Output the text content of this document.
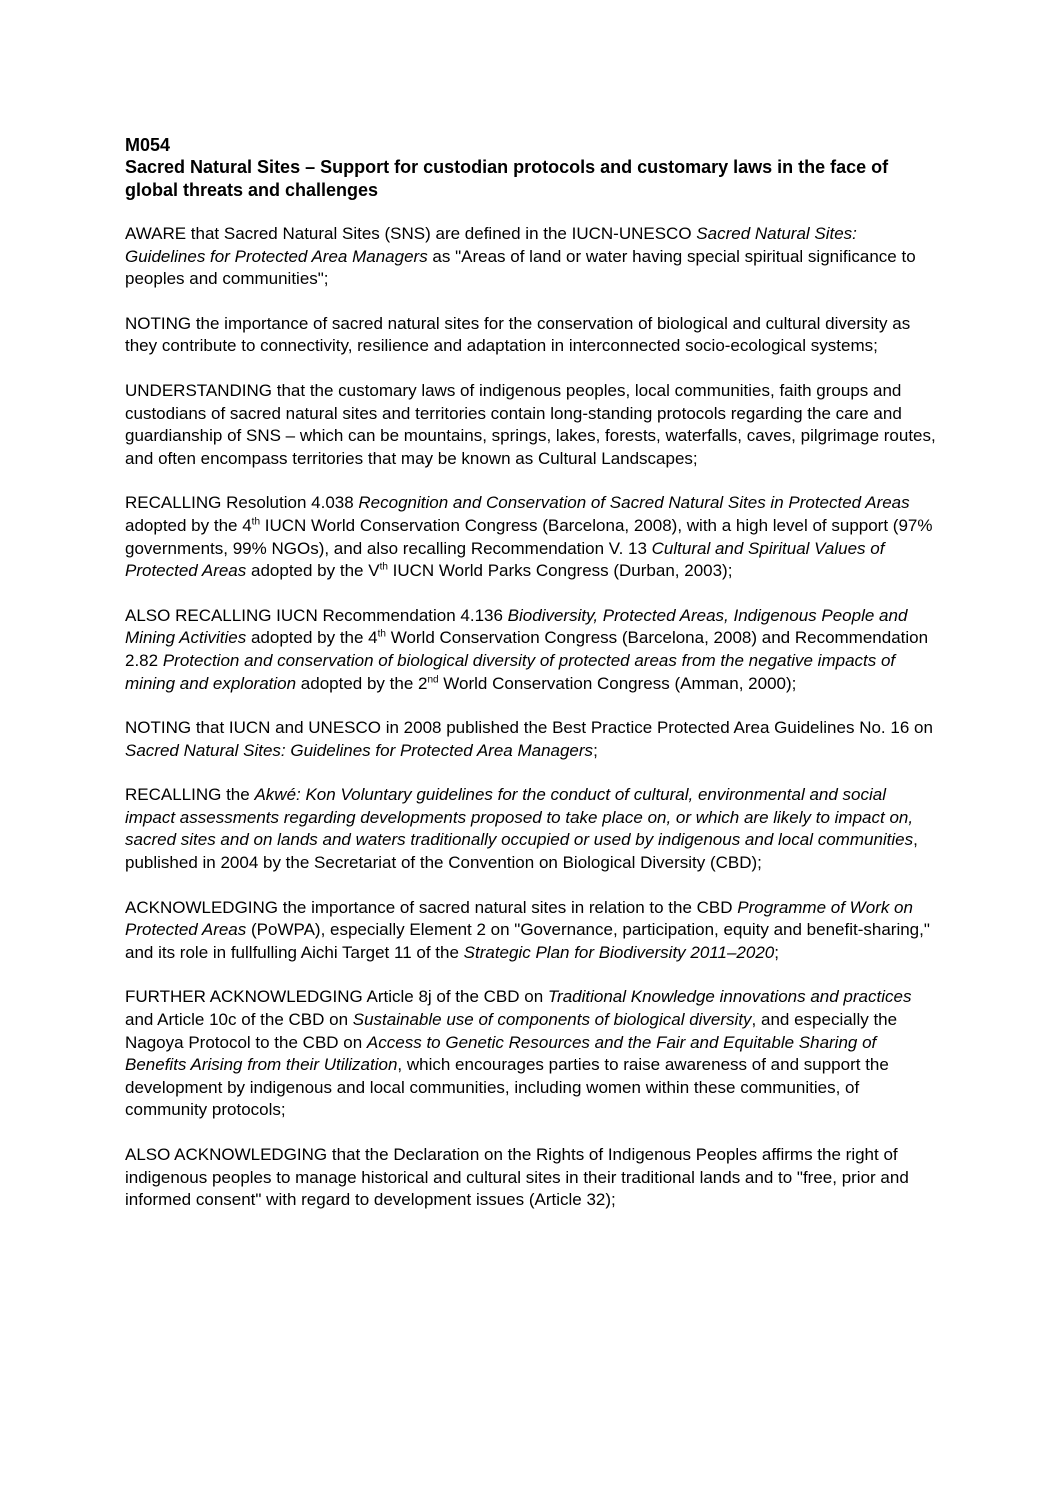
M054

Sacred Natural Sites – Support for custodian protocols and customary laws in the face of global threats and challenges

AWARE that Sacred Natural Sites (SNS) are defined in the IUCN-UNESCO Sacred Natural Sites: Guidelines for Protected Area Managers as "Areas of land or water having special spiritual significance to peoples and communities";

NOTING the importance of sacred natural sites for the conservation of biological and cultural diversity as they contribute to connectivity, resilience and adaptation in interconnected socio-ecological systems;

UNDERSTANDING that the customary laws of indigenous peoples, local communities, faith groups and custodians of sacred natural sites and territories contain long-standing protocols regarding the care and guardianship of SNS – which can be mountains, springs, lakes, forests, waterfalls, caves, pilgrimage routes, and often encompass territories that may be known as Cultural Landscapes;

RECALLING Resolution 4.038 Recognition and Conservation of Sacred Natural Sites in Protected Areas adopted by the 4th IUCN World Conservation Congress (Barcelona, 2008), with a high level of support (97% governments, 99% NGOs), and also recalling Recommendation V. 13 Cultural and Spiritual Values of Protected Areas adopted by the Vth IUCN World Parks Congress (Durban, 2003);

ALSO RECALLING IUCN Recommendation 4.136 Biodiversity, Protected Areas, Indigenous People and Mining Activities adopted by the 4th World Conservation Congress (Barcelona, 2008) and Recommendation 2.82 Protection and conservation of biological diversity of protected areas from the negative impacts of mining and exploration adopted by the 2nd World Conservation Congress (Amman, 2000);

NOTING that IUCN and UNESCO in 2008 published the Best Practice Protected Area Guidelines No. 16 on Sacred Natural Sites: Guidelines for Protected Area Managers;

RECALLING the Akwé: Kon Voluntary guidelines for the conduct of cultural, environmental and social impact assessments regarding developments proposed to take place on, or which are likely to impact on, sacred sites and on lands and waters traditionally occupied or used by indigenous and local communities, published in 2004 by the Secretariat of the Convention on Biological Diversity (CBD);

ACKNOWLEDGING the importance of sacred natural sites in relation to the CBD Programme of Work on Protected Areas (PoWPA), especially Element 2 on "Governance, participation, equity and benefit-sharing," and its role in fullfulling Aichi Target 11 of the Strategic Plan for Biodiversity 2011–2020;

FURTHER ACKNOWLEDGING Article 8j of the CBD on Traditional Knowledge innovations and practices and Article 10c of the CBD on Sustainable use of components of biological diversity, and especially the Nagoya Protocol to the CBD on Access to Genetic Resources and the Fair and Equitable Sharing of Benefits Arising from their Utilization, which encourages parties to raise awareness of and support the development by indigenous and local communities, including women within these communities, of community protocols;

ALSO ACKNOWLEDGING that the Declaration on the Rights of Indigenous Peoples affirms the right of indigenous peoples to manage historical and cultural sites in their traditional lands and to "free, prior and informed consent" with regard to development issues (Article 32);
